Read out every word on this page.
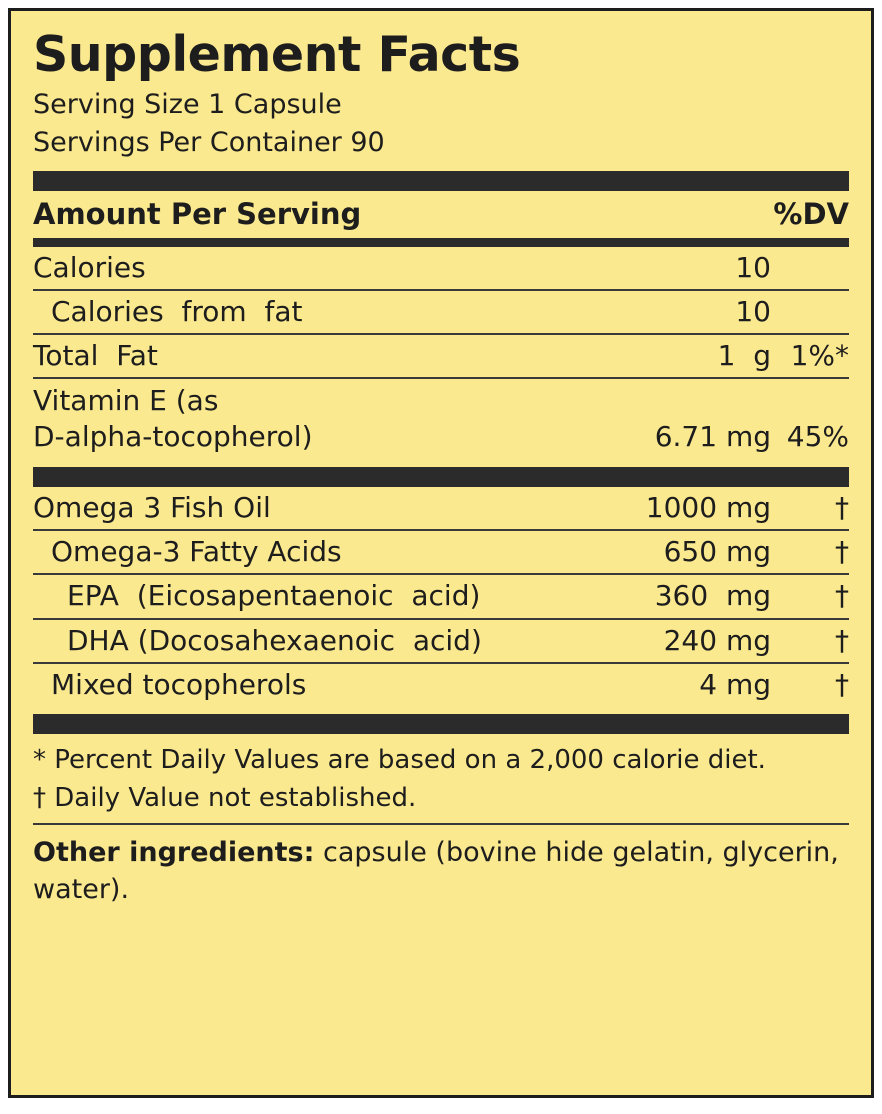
Supplement Facts
Serving Size 1 Capsule
Servings Per Container 90
Amount Per Serving	%DV
Calories	10
Calories  from  fat	10
Total  Fat	1  g 1%*
Vitamin E (as
D-alpha-tocopherol)	6.71 mg 45%
Omega 3 Fish Oil	1000 mg	†
Omega-3 Fatty Acids	650 mg	†
EPA  (Eicosapentaenoic  acid)	360  mg	†
DHA (Docosahexaenoic  acid)	240 mg	†
Mixed tocopherols	4 mg	†
* Percent Daily Values are based on a 2,000 calorie diet.
† Daily Value not established.
Other ingredients: capsule (bovine hide gelatin, glycerin, water).
